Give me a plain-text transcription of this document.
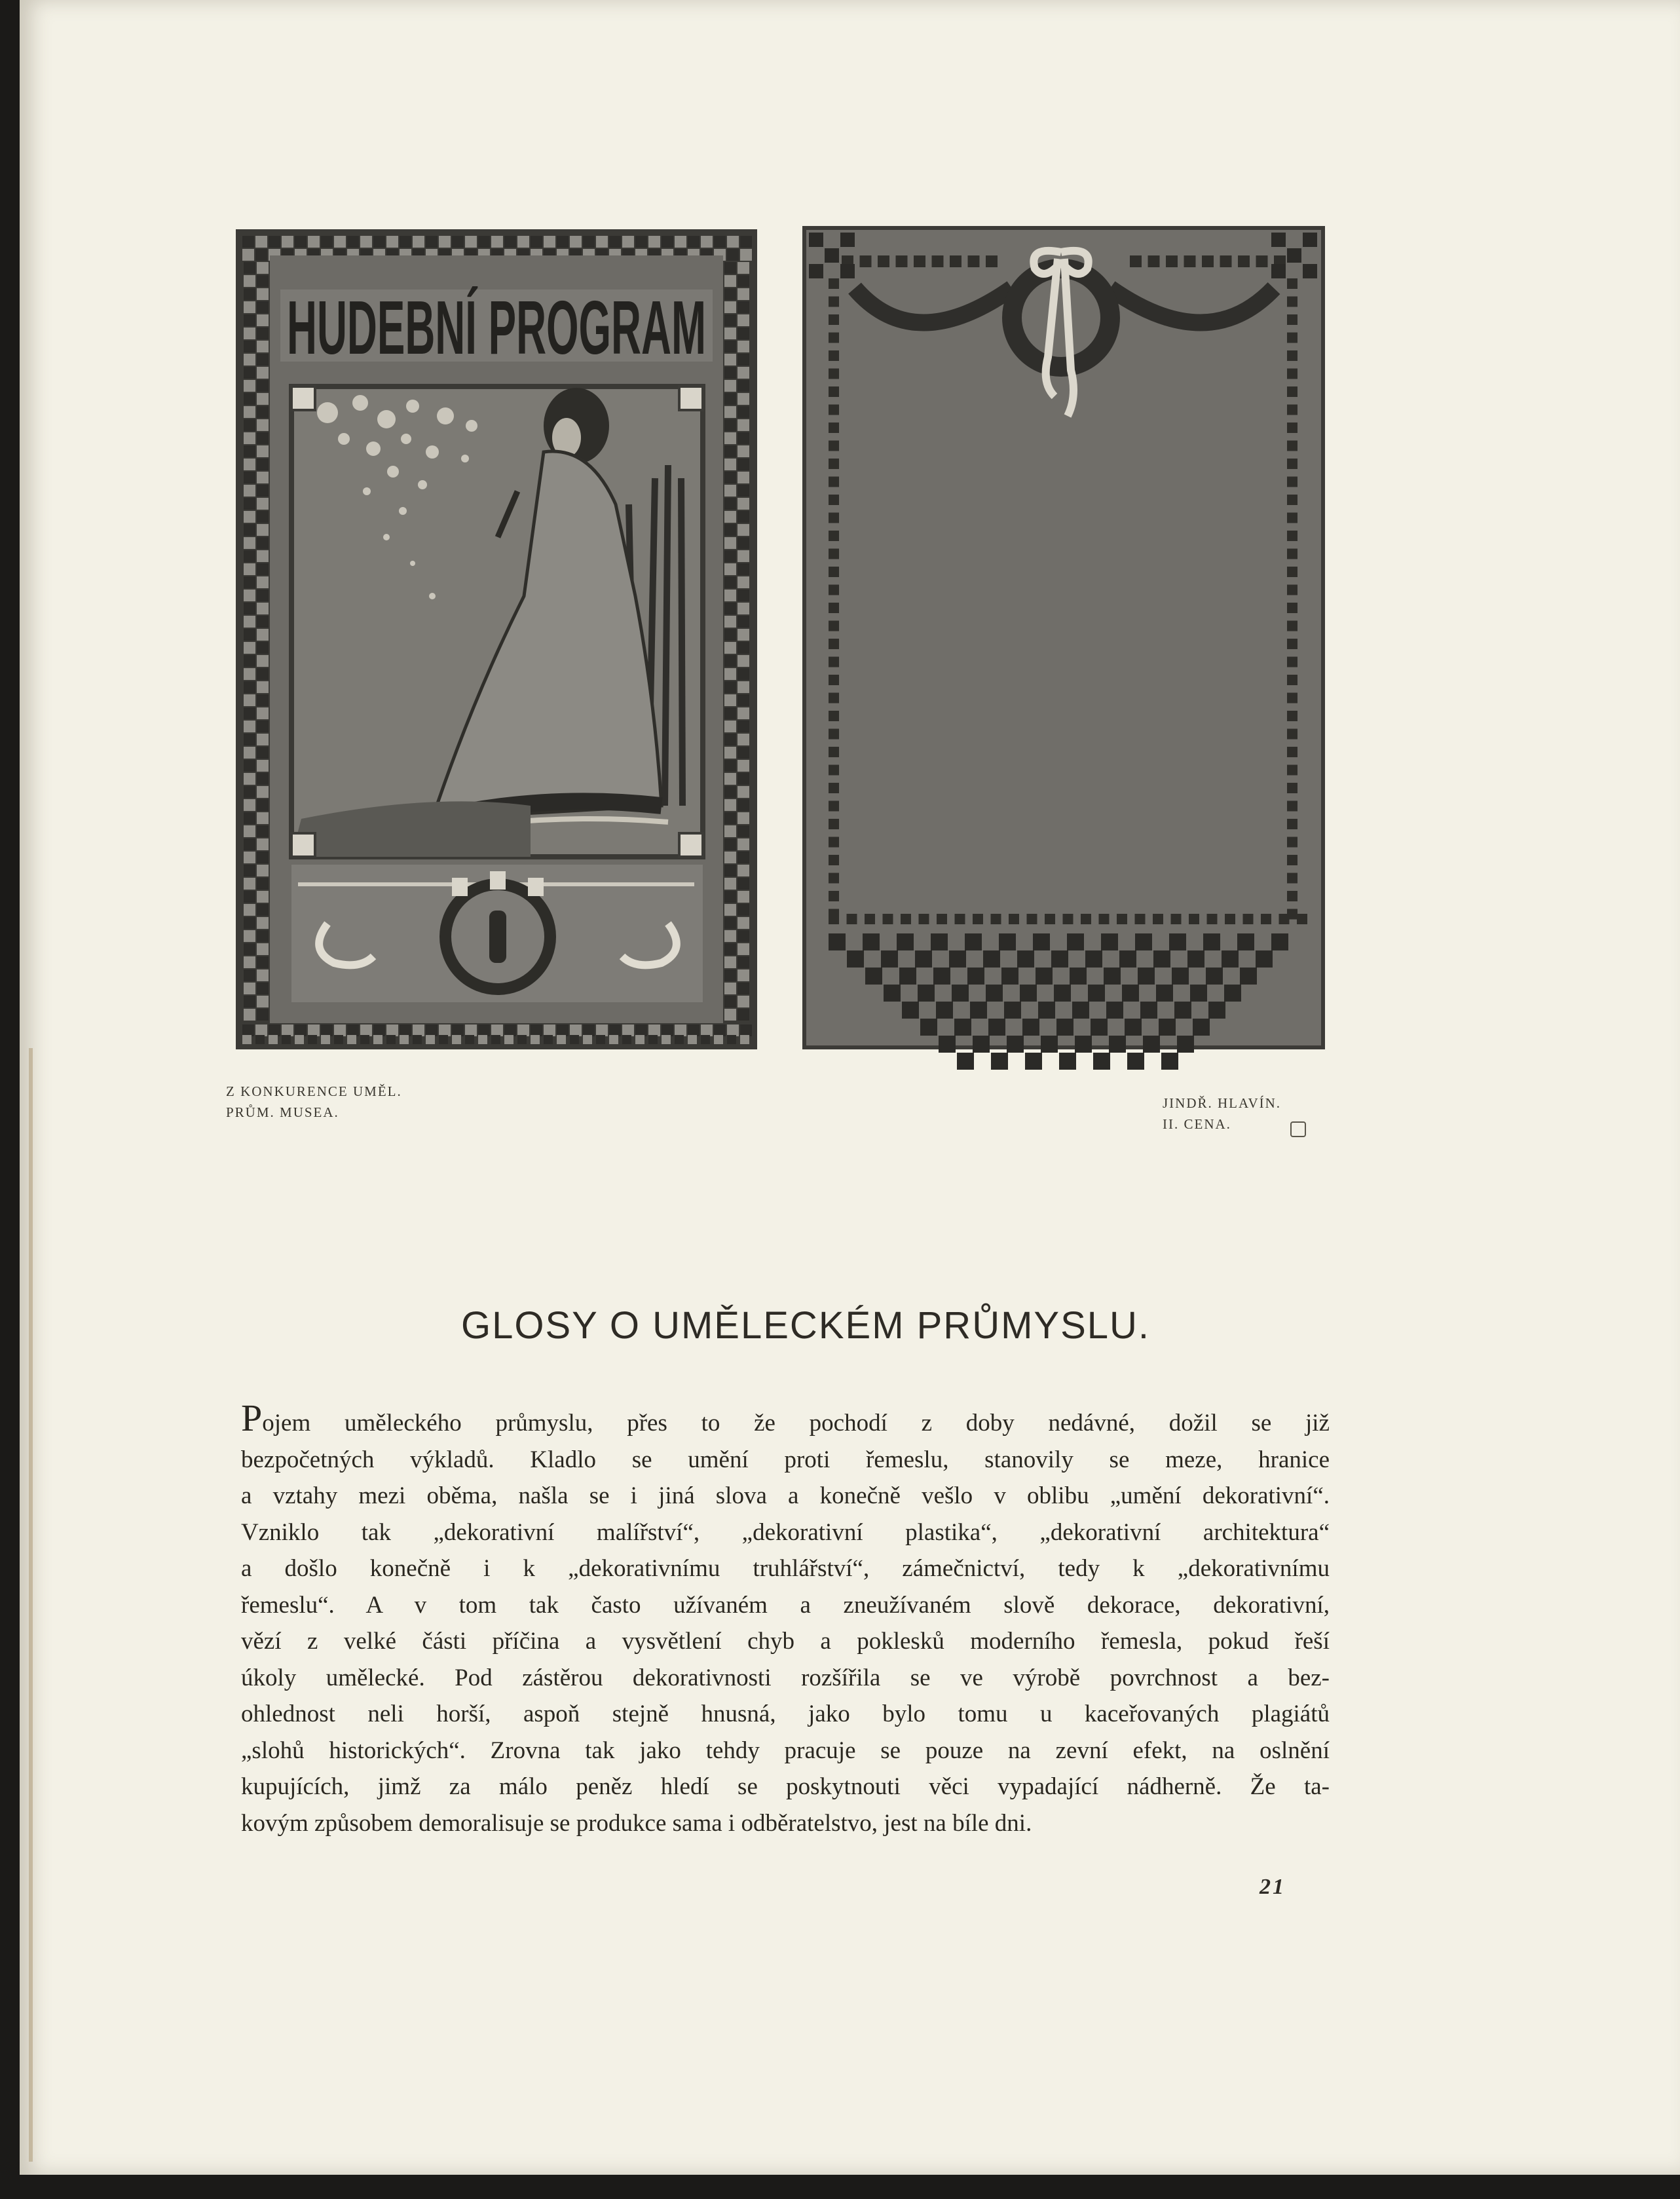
HUDEBNÍ PROGRAM
Z KONKURENCE UMĚL.
PRŮM. MUSEA.
JINDŘ. HLAVÍN.
II. CENA.
GLOSY O UMĚLECKÉM PRŮMYSLU.
Pojem uměleckého průmyslu, přes to že pochodí z doby nedávné, dožil se již
bezpočetných výkladů. Kladlo se umění proti řemeslu, stanovily se meze, hranice
a vztahy mezi oběma, našla se i jiná slova a konečně vešlo v oblibu „umění dekorativní“.
Vzniklo tak „dekorativní malířství“, „dekorativní plastika“, „dekorativní architektura“
a došlo konečně i k „dekorativnímu truhlářství“, zámečnictví, tedy k „dekorativnímu
řemeslu“. A v tom tak často užívaném a zneužívaném slově dekorace, dekorativní,
vězí z velké části příčina a vysvětlení chyb a poklesků moderního řemesla, pokud řeší
úkoly umělecké. Pod zástěrou dekorativnosti rozšířila se ve výrobě povrchnost a bez-
ohlednost neli horší, aspoň stejně hnusná, jako bylo tomu u kaceřovaných plagiátů
„slohů historických“. Zrovna tak jako tehdy pracuje se pouze na zevní efekt, na oslnění
kupujících, jimž za málo peněz hledí se poskytnouti věci vypadající nádherně. Že ta-
kovým způsobem demoralisuje se produkce sama i odběratelstvo, jest na bíle dni.
21
